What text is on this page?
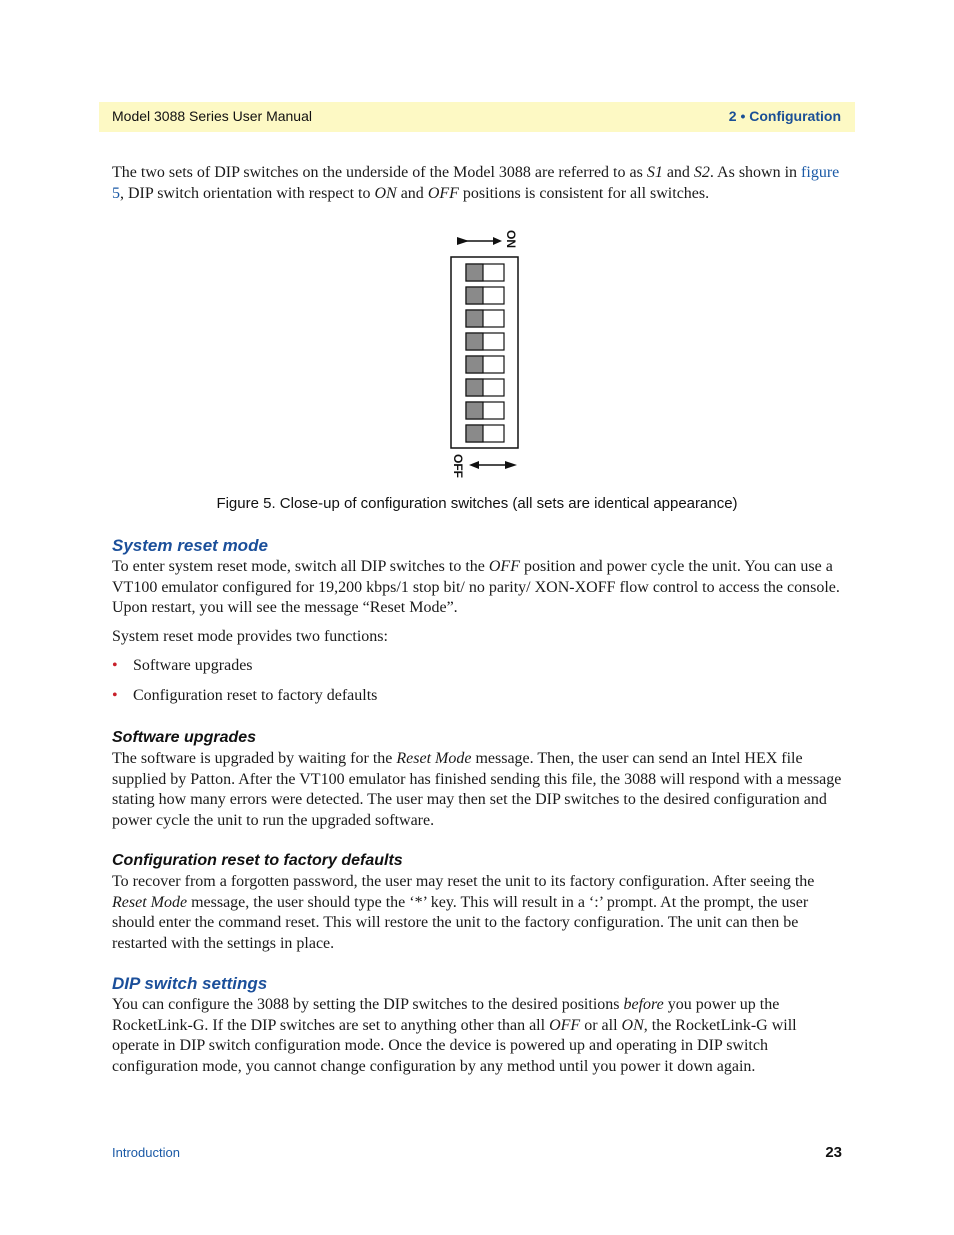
Model 3088 Series User Manual	2 • Configuration

The two sets of DIP switches on the underside of the Model 3088 are referred to as S1 and S2. As shown in figure 5, DIP switch orientation with respect to ON and OFF positions is consistent for all switches.

ON
OFF
Figure 5. Close-up of configuration switches (all sets are identical appearance)
System reset mode

To enter system reset mode, switch all DIP switches to the OFF position and power cycle the unit. You can use a VT100 emulator configured for 19,200 kbps/1 stop bit/ no parity/ XON-XOFF flow control to access the console. Upon restart, you will see the message “Reset Mode”.

System reset mode provides two functions:

• Software upgrades
• Configuration reset to factory defaults
Software upgrades

The software is upgraded by waiting for the Reset Mode message. Then, the user can send an Intel HEX file supplied by Patton. After the VT100 emulator has finished sending this file, the 3088 will respond with a message stating how many errors were detected. The user may then set the DIP switches to the desired configuration and power cycle the unit to run the upgraded software.

Configuration reset to factory defaults

To recover from a forgotten password, the user may reset the unit to its factory configuration. After seeing the Reset Mode message, the user should type the ‘*’ key. This will result in a ‘:’ prompt. At the prompt, the user should enter the command reset. This will restore the unit to the factory configuration. The unit can then be restarted with the settings in place.

DIP switch settings

You can configure the 3088 by setting the DIP switches to the desired positions before you power up the RocketLink-G. If the DIP switches are set to anything other than all OFF or all ON, the RocketLink-G will operate in DIP switch configuration mode. Once the device is powered up and operating in DIP switch configuration mode, you cannot change configuration by any method until you power it down again.

Introduction	23
